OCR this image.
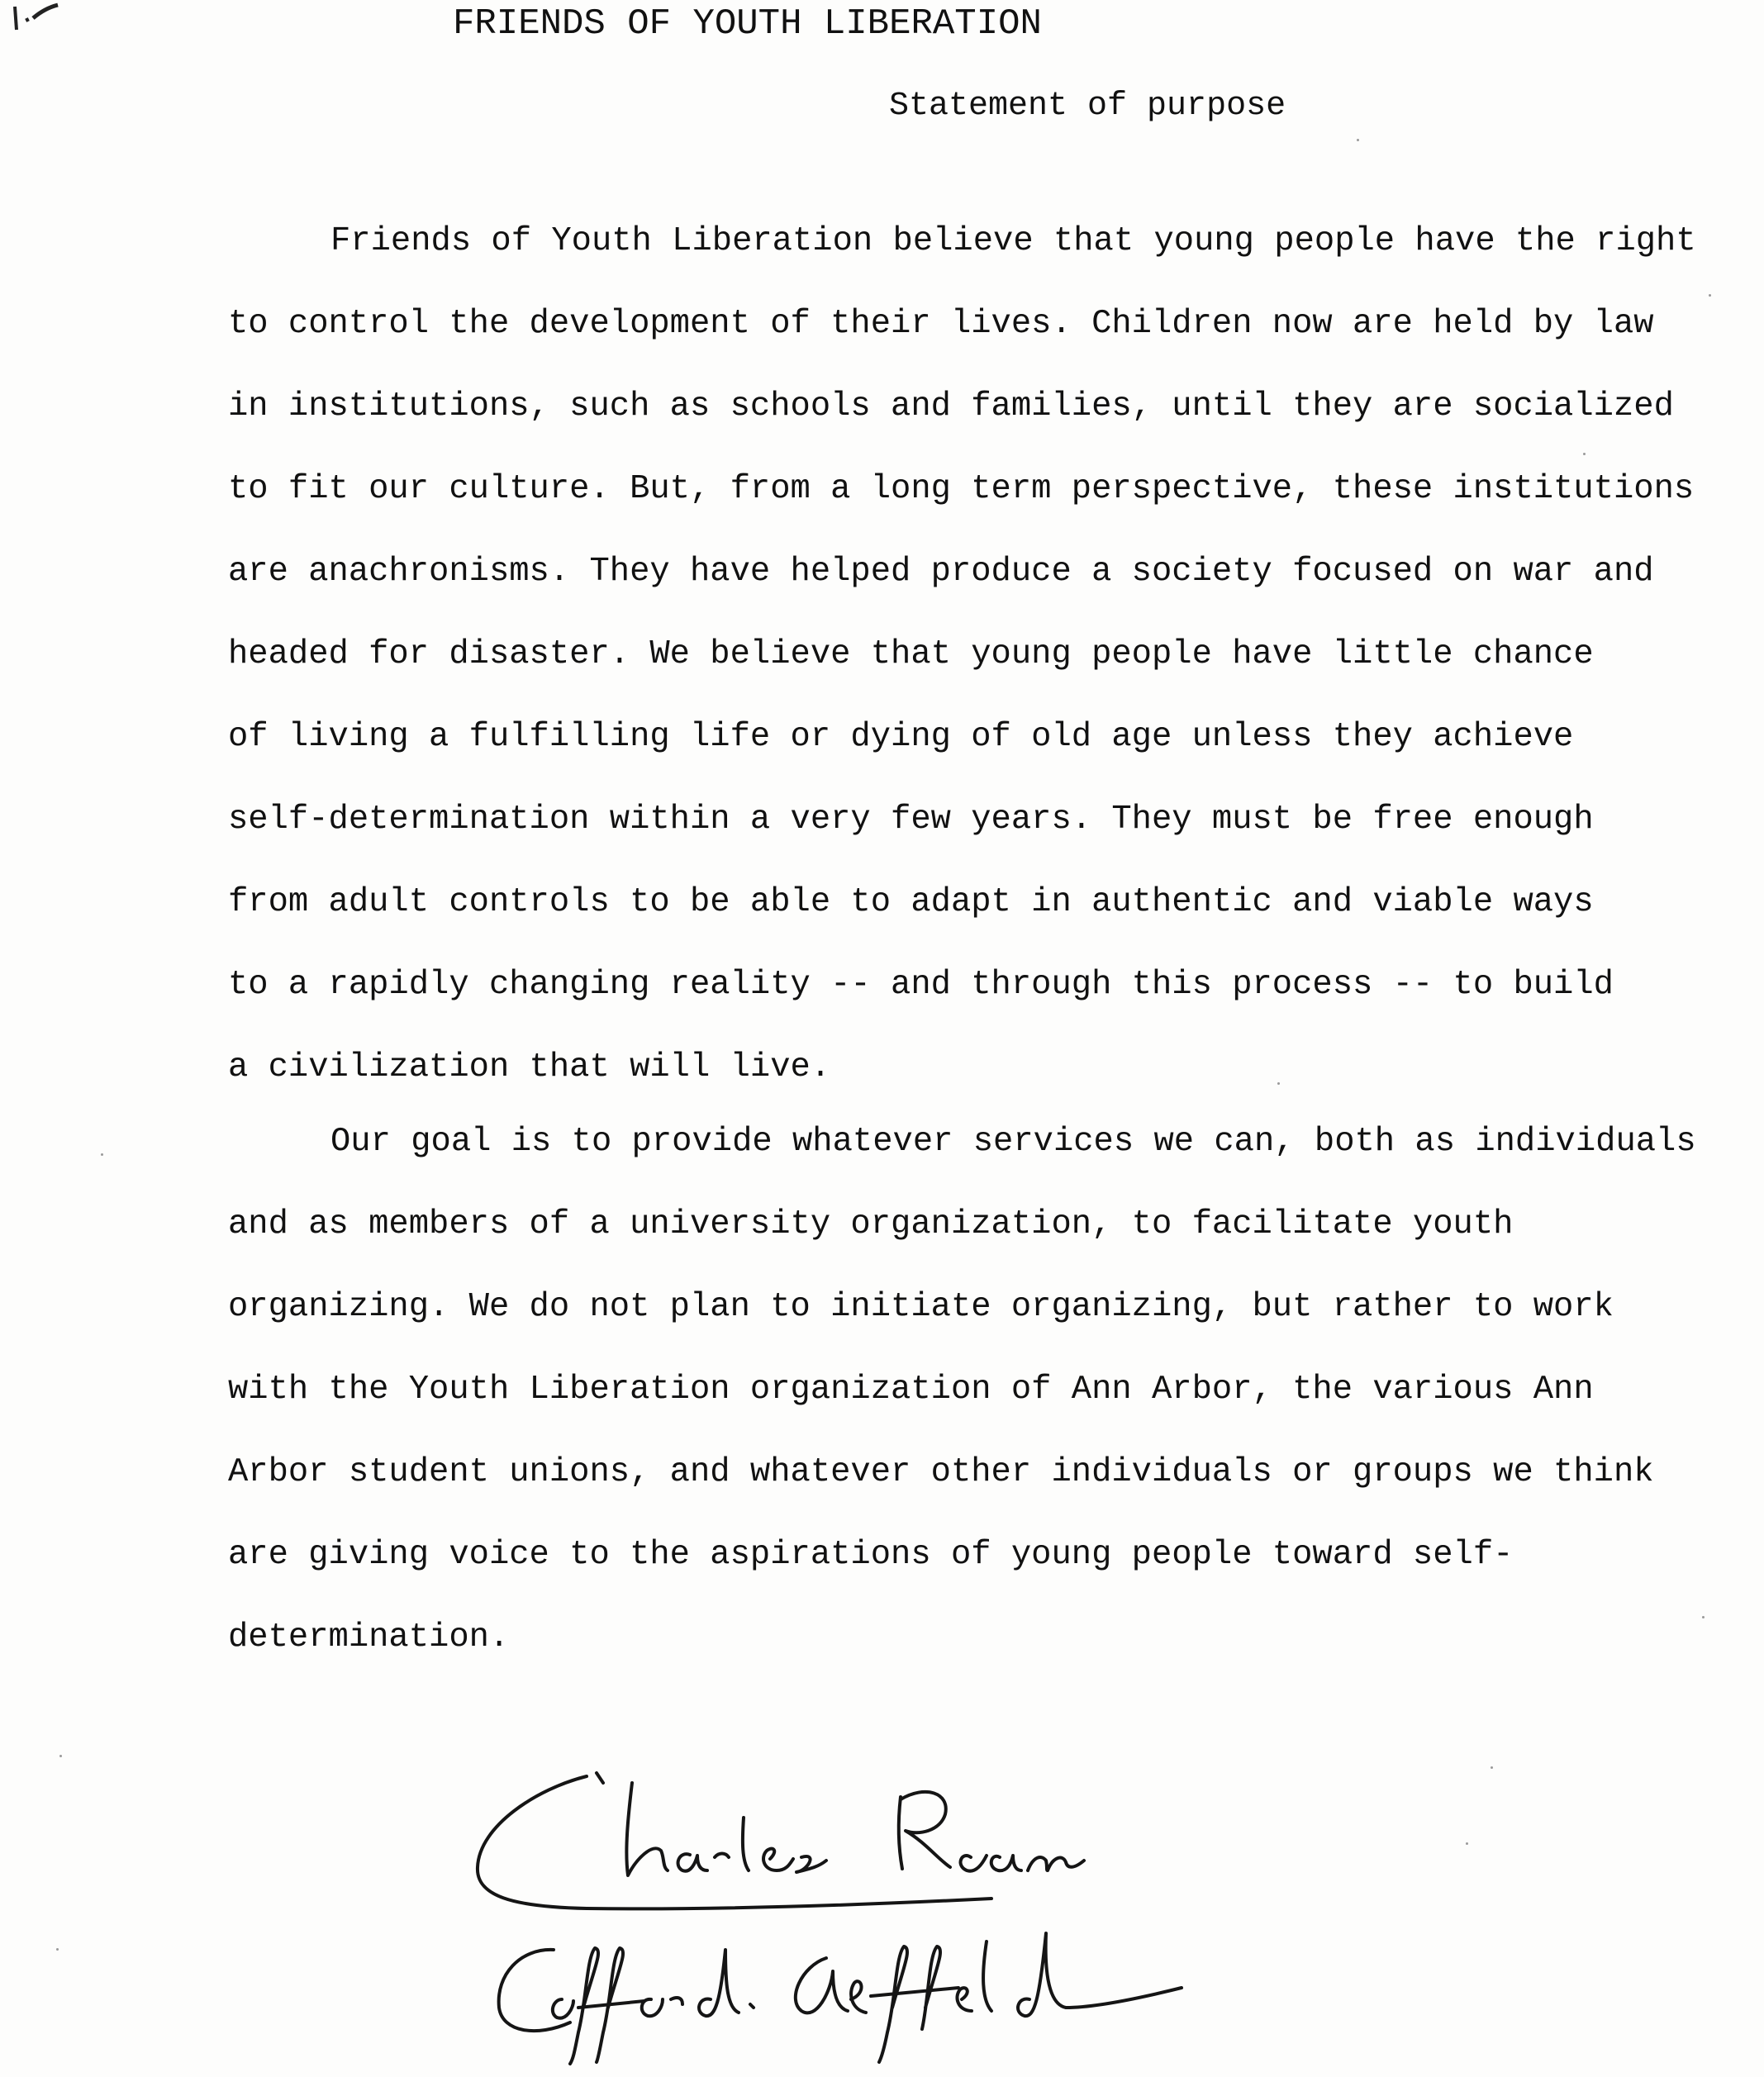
FRIENDS OF YOUTH LIBERATION
Statement of purpose
Friends of Youth Liberation believe that young people have the right
to control the development of their lives. Children now are held by law
in institutions, such as schools and families, until they are socialized
to fit our culture. But, from a long term perspective, these institutions
are anachronisms. They have helped produce a society focused on war and
headed for disaster. We believe that young people have little chance
of living a fulfilling life or dying of old age unless they achieve
self-determination within a very few years. They must be free enough
from adult controls to be able to adapt in authentic and viable ways
to a rapidly changing reality -- and through this process -- to build
a civilization that will live.
Our goal is to provide whatever services we can, both as individuals
and as members of a university organization, to facilitate youth
organizing. We do not plan to initiate organizing, but rather to work
with the Youth Liberation organization of Ann Arbor, the various Ann
Arbor student unions, and whatever other individuals or groups we think
are giving voice to the aspirations of young people toward self-
determination.
